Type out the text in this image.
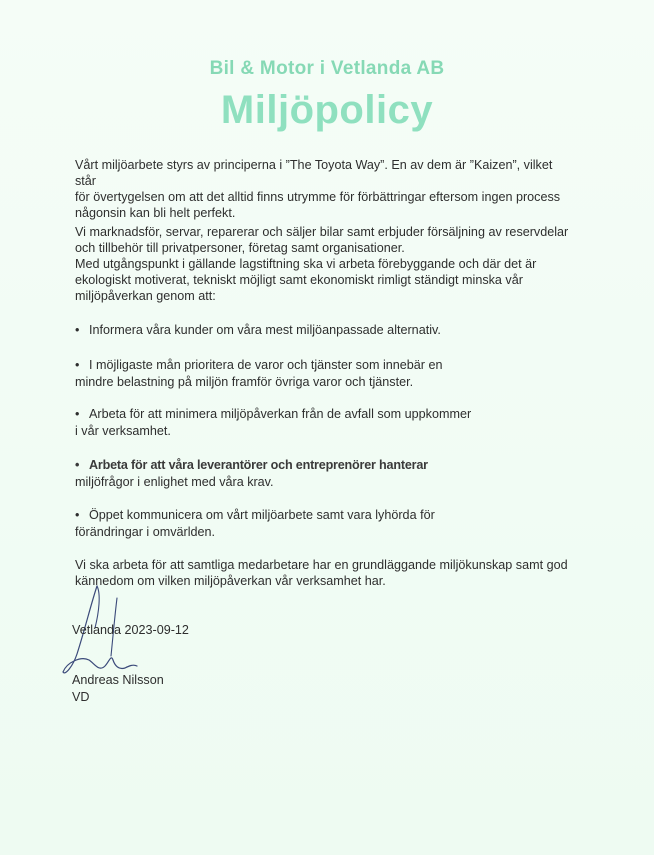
Bil & Motor i Vetlanda AB
Miljöpolicy
Vårt miljöarbete styrs av principerna i ”The Toyota Way”. En av dem är ”Kaizen”, vilket står
för övertygelsen om att det alltid finns utrymme för förbättringar eftersom ingen process
någonsin kan bli helt perfekt.
Vi marknadsför, servar, reparerar och säljer bilar samt erbjuder försäljning av reservdelar
och tillbehör till privatpersoner, företag samt organisationer.
Med utgångspunkt i gällande lagstiftning ska vi arbeta förebyggande och där det är
ekologiskt motiverat, tekniskt möjligt samt ekonomiskt rimligt ständigt minska vår
miljöpåverkan genom att:
• Informera våra kunder om våra mest miljöanpassade alternativ.
• I möjligaste mån prioritera de varor och tjänster som innebär en
mindre belastning på miljön framför övriga varor och tjänster.
• Arbeta för att minimera miljöpåverkan från de avfall som uppkommer
i vår verksamhet.
• Arbeta för att våra leverantörer och entreprenörer hanterar
miljöfrågor i enlighet med våra krav.
• Öppet kommunicera om vårt miljöarbete samt vara lyhörda för
förändringar i omvärlden.
Vi ska arbeta för att samtliga medarbetare har en grundläggande miljökunskap samt god
kännedom om vilken miljöpåverkan vår verksamhet har.
Vetlanda 2023-09-12
Andreas Nilsson
VD
